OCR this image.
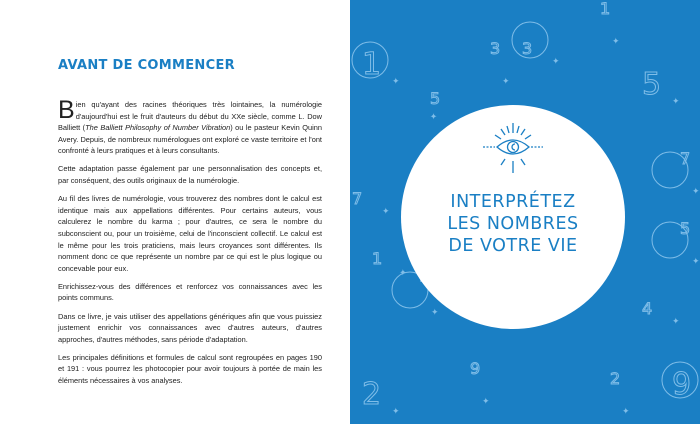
AVANT DE COMMENCER

Bien qu'ayant des racines théoriques très lointaines, la numérologie d'aujourd'hui est le fruit d'auteurs du début du XXe siècle, comme L. Dow Balliett (The Balliett Philosophy of Number Vibration) ou le pasteur Kevin Quinn Avery. Depuis, de nombreux numérologues ont exploré ce vaste territoire et l'ont confronté à leurs pratiques et à leurs consultants.

Cette adaptation passe également par une personnalisation des concepts et, par conséquent, des outils originaux de la numérologie.

Au fil des livres de numérologie, vous trouverez des nombres dont le calcul est identique mais aux appellations différentes. Pour certains auteurs, vous calculerez le nombre du karma ; pour d'autres, ce sera le nombre du subconscient ou, pour un troisième, celui de l'inconscient collectif. Le calcul est le même pour les trois praticiens, mais leurs croyances sont différentes. Ils nomment donc ce que représente un nombre par ce qui est le plus logique ou concevable pour eux.

Enrichissez-vous des différences et renforcez vos connaissances avec les points communs.

Dans ce livre, je vais utiliser des appellations génériques afin que vous puissiez justement enrichir vos connaissances avec d'autres auteurs, d'autres approches, d'autres méthodes, sans période d'adaptation.

Les principales définitions et formules de calcul sont regroupées en pages 190 et 191 : vous pourrez les photocopier pour avoir toujours à portée de main les éléments nécessaires à vos analyses.

1 ✦
5
✦
7
✦
✦
2 ✦
9
✦
3
✦
1
✦
5 ✦
7
✦
4
✦
2
✦
9
3
✦
1
✦
5
✦
INTERPRÉTEZ
LES NOMBRES
DE VOTRE VIE
